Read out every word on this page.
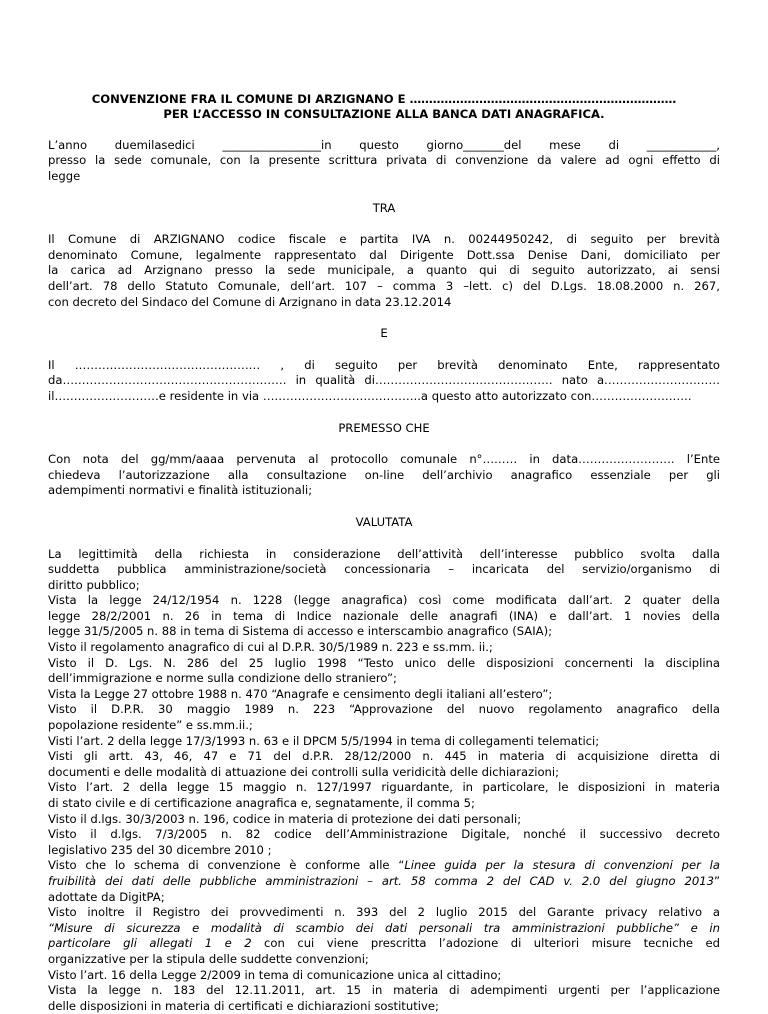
CONVENZIONE FRA IL COMUNE DI ARZIGNANO E ……………………………………………………………
PER L’ACCESSO IN CONSULTAZIONE ALLA BANCA DATI ANAGRAFICA.
L’anno duemilasedici _________________in questo giorno_______del mese di ____________,
presso la sede comunale, con la presente scrittura privata di convenzione da valere ad ogni effetto di
legge
TRA
Il Comune di ARZIGNANO codice fiscale e partita IVA n. 00244950242, di seguito per brevità
denominato Comune, legalmente rappresentato dal Dirigente Dott.ssa Denise Dani, domiciliato per
la carica ad Arzignano presso la sede municipale, a quanto qui di seguito autorizzato, ai sensi
dell’art. 78 dello Statuto Comunale, dell’art. 107 – comma 3 –lett. c) del D.Lgs. 18.08.2000 n. 267,
con decreto del Sindaco del Comune di Arzignano in data 23.12.2014
E
Il ………………………………………… , di seguito per brevità denominato Ente, rappresentato
da…………………………………………………. in qualità di………………………………………. nato a…………………………
il………………………e residente in via …………………………………..a questo atto autorizzato con……………………..
PREMESSO CHE
Con nota del gg/mm/aaaa pervenuta al protocollo comunale n°……… in data……………………. l’Ente
chiedeva l’autorizzazione alla consultazione on-line dell’archivio anagrafico essenziale per gli
adempimenti normativi e finalità istituzionali;
VALUTATA
La legittimità della richiesta in considerazione dell’attività dell’interesse pubblico svolta dalla
suddetta pubblica amministrazione/società concessionaria – incaricata del servizio/organismo di
diritto pubblico;
Vista la legge 24/12/1954 n. 1228 (legge anagrafica) così come modificata dall’art. 2 quater della
legge 28/2/2001 n. 26 in tema di Indice nazionale delle anagrafi (INA) e dall’art. 1 novies della
legge 31/5/2005 n. 88 in tema di Sistema di accesso e interscambio anagrafico (SAIA);
Visto il regolamento anagrafico di cui al D.P.R. 30/5/1989 n. 223 e ss.mm. ii.;
Visto il D. Lgs. N. 286 del 25 luglio 1998 “Testo unico delle disposizioni concernenti la disciplina
dell’immigrazione e norme sulla condizione dello straniero”;
Vista la Legge 27 ottobre 1988 n. 470 “Anagrafe e censimento degli italiani all’estero”;
Visto il D.P.R. 30 maggio 1989 n. 223 “Approvazione del nuovo regolamento anagrafico della
popolazione residente” e ss.mm.ii.;
Visti l’art. 2 della legge 17/3/1993 n. 63 e il DPCM 5/5/1994 in tema di collegamenti telematici;
Visti gli artt. 43, 46, 47 e 71 del d.P.R. 28/12/2000 n. 445 in materia di acquisizione diretta di
documenti e delle modalità di attuazione dei controlli sulla veridicità delle dichiarazioni;
Visto l’art. 2 della legge 15 maggio n. 127/1997 riguardante, in particolare, le disposizioni in materia
di stato civile e di certificazione anagrafica e, segnatamente, il comma 5;
Visto il d.lgs. 30/3/2003 n. 196, codice in materia di protezione dei dati personali;
Visto il d.lgs. 7/3/2005 n. 82 codice dell’Amministrazione Digitale, nonché il successivo decreto
legislativo 235 del 30 dicembre 2010 ;
Visto che lo schema di convenzione è conforme alle “Linee guida per la stesura di convenzioni per la
fruibilità dei dati delle pubbliche amministrazioni – art. 58 comma 2 del CAD v. 2.0 del giugno 2013”
adottate da DigitPA;
Visto inoltre il Registro dei provvedimenti n. 393 del 2 luglio 2015 del Garante privacy relativo a
“Misure di sicurezza e modalità di scambio dei dati personali tra amministrazioni pubbliche” e in
particolare gli allegati 1 e 2 con cui viene prescritta l’adozione di ulteriori misure tecniche ed
organizzative per la stipula delle suddette convenzioni;
Visto l’art. 16 della Legge 2/2009 in tema di comunicazione unica al cittadino;
Vista la legge n. 183 del 12.11.2011, art. 15 in materia di adempimenti urgenti per l’applicazione
delle disposizioni in materia di certificati e dichiarazioni sostitutive;
